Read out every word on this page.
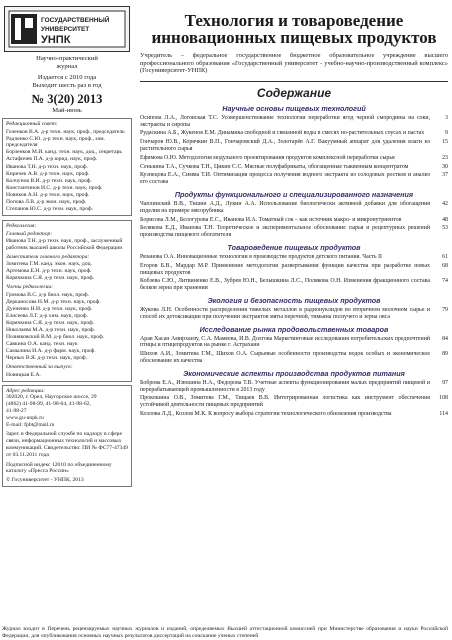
ГОСУДАРСТВЕННЫЙ
УНИВЕРСИТЕТ
УНПК
Научно-практический
журнал
Издается с 2010 года
Выходит шесть раз в год
№ 3(20) 2013
Май-июнь
Редакционный совет:
Голенков В.А. д-р техн. наук, проф., председатель
Радченко С.Ю. д-р техн. наук, проф., зам. председателя
Борзенков М.И. канд. техн. наук, доц., секретарь
Астафичев П.А. д-р юрид. наук, проф.
Иванова Т.Н. д-р техн. наук, проф.
Киричек А.В. д-р техн. наук, проф.
Колчунов В.И. д-р техн. наук, проф.
Константинов И.С. д-р техн. наук, проф.
Новиков А.Н. д-р техн. наук, проф.
Попова Л.В. д-р экон. наук, проф.
Степанов Ю.С. д-р техн. наук, проф.
Редколлегия:
Главный редактор:
Иванова Т.Н. д-р техн. наук, проф., заслуженный работник высшей школы Российской Федерации
Заместители главного редактора:
Зомитева Г.М. канд. экон. наук, доц.
Артемова Е.Н. д-р техн. наук, проф.
Корячкина С.Я. д-р техн. наук, проф.
Члены редколлегии:
Громова В.С. д-р биол. наук, проф.
Дерканосова Н.М. д-р техн. наук, проф.
Дунченко Н.И. д-р техн. наук, проф.
Елисеева Л.Г. д-р хим. наук, проф.
Корячкина С.Я. д-р техн. наук, проф.
Николаева М.А. д-р техн. наук, проф.
Позняковский В.М. д-р биол. наук, проф.
Савкина О.А. канд. техн. наук
Самылина И.А. д-р фарм. наук, проф.
Черных В.Я. д-р техн. наук, проф.
Ответственный за выпуск:
Новицкая Е.А.
Адрес редакции:
302020, г. Орел, Наугорское шоссе, 29
(4862) 41-98-99, 41-98-04, 41-98-62,
41-98-27
www.gu-unpk.ru
E-mail: fpbt@mail.ru
Зарег. в Федеральной службе по надзору в сфере связи, информационных технологий и массовых коммуникаций. Свидетельство: ПИ № ФС77-47349 от 03.11.2011 года
Подписной индекс 12010 по объединенному каталогу «Пресса России»
© Госуниверситет - УНПК, 2013
Технология и товароведение инновационных пищевых продуктов
Учредитель – федеральное государственное бюджетное образовательное учреждение высшего профессионального образования «Государственный университет - учебно-научно-производственный комплекс» (Госуниверситет-УНПК)
Содержание
Научные основы пищевых технологий
Осипова Л.А., Логовская Т.С. Усовершенствование технологии переработки ягод черной смородины на соки, экстракты и сиропы
3
Рудаскина А.Б., Жукенов Е.М. Динамика свободной и связанной воды в смесях но-растительных соусах и пастах	9
Гончаров Ю.В., Корячкин В.П., Гончаровский Д.А., Золотарёв А.Г. Вакуумный аппарат для удаления влаги из растительного сырья
15
Ефимова О.Ю. Методология модульного проектирования продуктов комплексной переработки сырья	23
Сенькина Т.А., Сучкова Т.Н., Цикин С.С. Мясные полуфабрикаты, обогащенные тыквенным концентратом	30
Кузнецова Е.А., Симма Т.И. Оптимизация процесса получения водного экстракта из солодовых ростков и анализ его состава
37
Продукты функционального и специализированного назначения
Чаплинский В.В., Тишин А.Д., Лукин А.А. Использование биологически активной добавки для обогащения изделия на примере мясорубника
42
Борисова Л.М., Белогурова Е.С., Иванова И.А. Томатный сок – как источник макро- и микронутриентов	48
Белякова Е.Д., Иванова Т.Н. Теоретическое и экспериментальное обоснование сырья и рецептурных решений производства пищевого обогатителя
53
Товароведение пищевых продуктов
Рязанова О.А. Инновационные технологии в производстве продуктов детского питания. Часть II	61
Егоров Б.В., Мардар М.Р. Применение методологии развертывания функции качества при разработке новых пищевых продуктов
68
Кобзева С.Ю., Литвиненко Е.В., Зубрев Ю.Н., Белышкина Л.С., Полякова О.Н. Изменения фракционного состава белков зерна при хранении
74
Экология и безопасность пищевых продуктов
Жукова Л.Н. Особенности распределения тяжелых металлов в радионуклидов во вторичном молочном сырье и способ их детоксикации при получении экстрактов мяты перечной, тимьяна ползучего и зерна овса
79
Исследование рынка продовольственных товаров
Арав Хасан Амирханзу, С.А. Мамеева, И.В. Долгова Маркетинговые исследования потребительских предпочтений птицы и птицепродуктов на рынке г. Астрахани
84
Шихов А.И., Зомитева Г.М., Шихов О.А. Сырьевые особенности производства водок особых и экономическое обоснование их качества
89
Экономические аспекты производства продуктов питания
Боброва Е.А., Изюшина Н.А., Федорова Т.В. Учетные аспекты функционирования малых предприятий пищевой и перерабатывающей промышленности в 2013 году
97
Прокошина О.В., Зомитева Г.М., Тищаев В.В. Интегрированная логистика как инструмент обеспечения устойчивой деятельности пищевых предприятий
108
Козлова Л.Д., Козлов М.К. К вопросу выбора стратегии технологического обновления производства	114
Журнал входит в Перечень рецензируемых научных журналов и изданий, определяемых Высшей аттестационной комиссией при Министерстве образования и науки Российской Федерации, для опубликования основных научных результатов диссертаций на соискание ученых степеней
